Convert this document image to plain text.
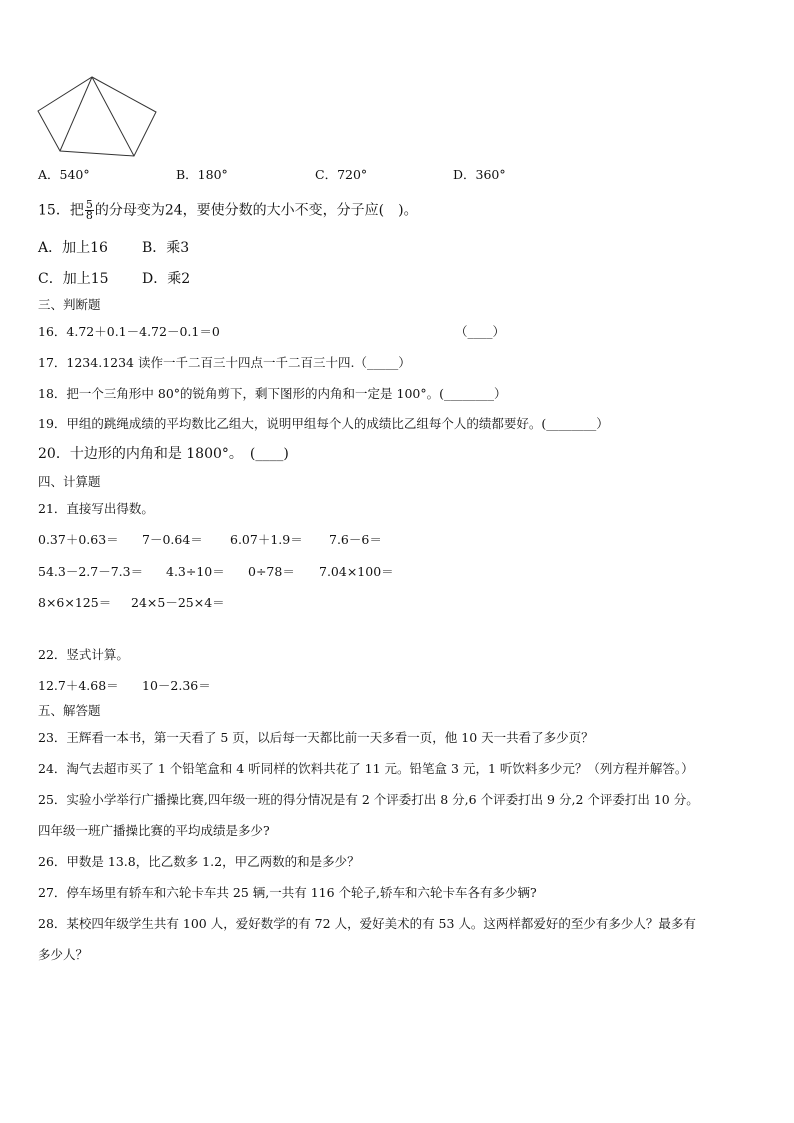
A．540°	B．180°	C．720°	D．360°
15．把 $\frac{5}{8}$ 的分母变为24，要使分数的大小不变，分子应(　)。
A．加上16 B．乘3
C．加上15 D．乘2
三、判断题
16．4.72＋0.1－4.72－0.1＝0	（____）
17．1234.1234 读作一千二百三十四点一千二百三十四.（_____）
18．把一个三角形中 80°的锐角剪下，剩下图形的内角和一定是 100°。(________）
19．甲组的跳绳成绩的平均数比乙组大，说明甲组每个人的成绩比乙组每个人的绩都要好。(________）
20．十边形的内角和是 1800°。　(____)
四、计算题
21．直接写出得数。
0.37＋0.63＝ 7－0.64＝ 6.07＋1.9＝ 7.6－6＝
54.3－2.7－7.3＝ 4.3÷10＝ 0÷78＝ 7.04×100＝
8×6×125＝ 24×5－25×4＝
22．竖式计算。
12.7＋4.68＝ 10－2.36＝
五、解答题
23．王辉看一本书，第一天看了 5 页，以后每一天都比前一天多看一页，他 10 天一共看了多少页？
24．淘气去超市买了 1 个铅笔盒和 4 听同样的饮料共花了 11 元。铅笔盒 3 元，1 听饮料多少元？（列方程并解答。）
25．实验小学举行广播操比赛,四年级一班的得分情况是有 2 个评委打出 8 分,6 个评委打出 9 分,2 个评委打出 10 分。
四年级一班广播操比赛的平均成绩是多少?
26．甲数是 13.8，比乙数多 1.2，甲乙两数的和是多少？
27．停车场里有轿车和六轮卡车共 25 辆,一共有 116 个轮子,轿车和六轮卡车各有多少辆?
28．某校四年级学生共有 100 人，爱好数学的有 72 人，爱好美术的有 53 人。这两样都爱好的至少有多少人？最多有
多少人？
